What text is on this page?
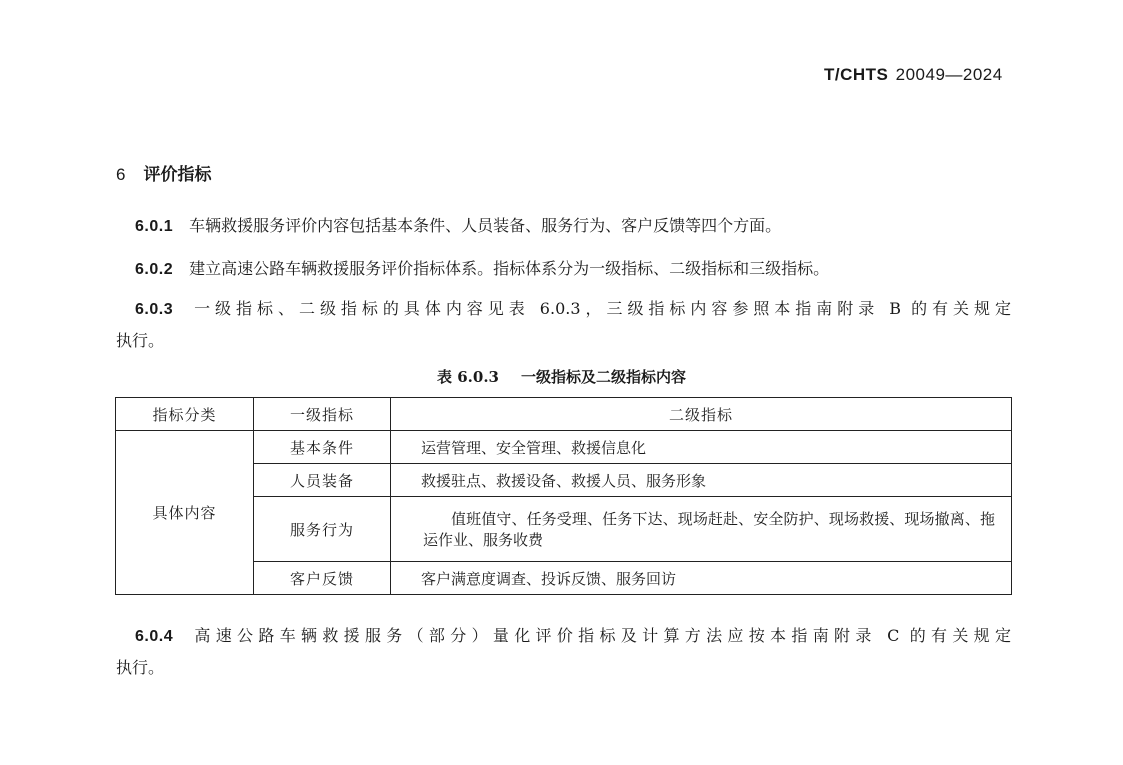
T/CHTS 20049—2024
6 评价指标
6.0.1 车辆救援服务评价内容包括基本条件、人员装备、服务行为、客户反馈等四个方面。
6.0.2 建立高速公路车辆救援服务评价指标体系。指标体系分为一级指标、二级指标和三级指标。
6.0.3 一级指标、二级指标的具体内容见表 6.0.3，三级指标内容参照本指南附录 B 的有关规定
执行。
表 6.0.3 一级指标及二级指标内容
指标分类	一级指标	二级指标
具体内容	基本条件	运营管理、安全管理、救援信息化
	人员装备	救援驻点、救援设备、救援人员、服务形象
	服务行为	值班值守、任务受理、任务下达、现场赶赴、安全防护、现场救援、现场撤离、拖
运作业、服务收费

	客户反馈	客户满意度调查、投诉反馈、服务回访
6.0.4 高速公路车辆救援服务（部分）量化评价指标及计算方法应按本指南附录 C 的有关规定
执行。
